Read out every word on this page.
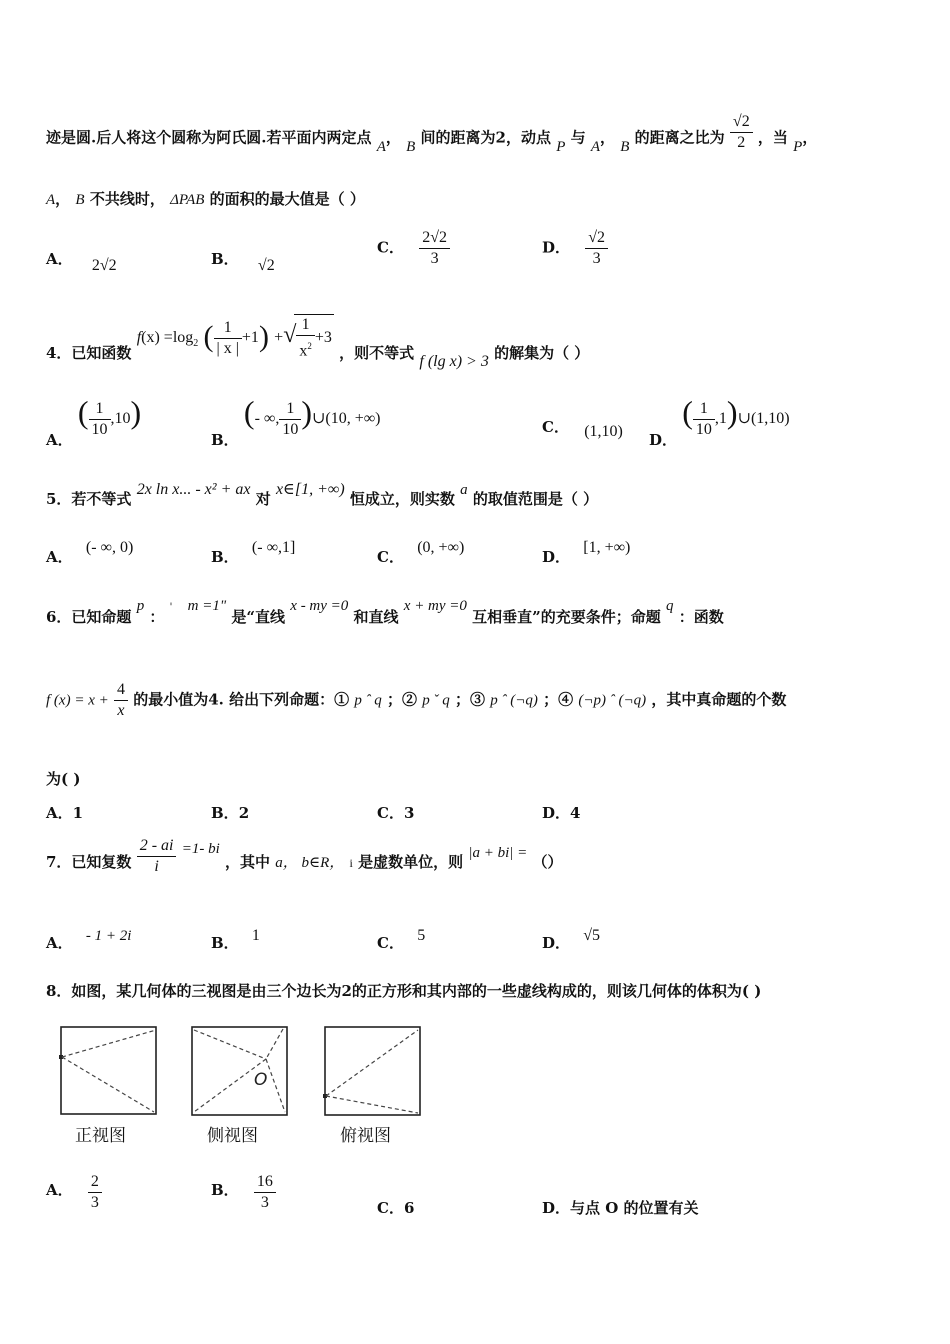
迹是圆.后人将这个圆称为阿氏圆.若平面内两定点 A， B 间的距离为2，动点 P 与 A， B 的距离之比为 $\frac{√2}{2}$ ，当 P，
A， B 不共线时， ΔPAB 的面积的最大值是（ ）
A． 2√2	B． √2
C． $\frac{2√2}{3}$	D． $\frac{√2}{3}$
4．已知函数 $f(x) =\log_2$ ( $\frac{1}{| x |} +1$) +√ $\frac{1}{x^2} +3$ ，则不等式 f (lg x) > 3 的解集为（ ）
A． ( $\frac{1}{10} ,10$)
B． (- ∞, $\frac{1}{10}$ )∪(10, +∞)	C． (1,10) D． ( $\frac{1}{10}$ ,1)∪(1,10)
5．若不等式 2x ln x... - x² + ax 对 x∈[1, +∞) 恒成立，则实数 a 的取值范围是（ ）
A． (- ∞, 0)
B． (- ∞,1]
C． (0, +∞)
D． [1, +∞)
6．已知命题 p ： ' m =1" 是“直线 x - my =0 和直线 x + my =0 互相垂直”的充要条件；命题 q ：函数
f $(x) = x + \frac{4}{x}$ 的最小值为4. 给出下列命题：① p ˆ q ；② p ˇ q ；③ p ˆ (¬q) ；④ (¬p) ˆ (¬q) ，其中真命题的个数
为( )
A．1	B．2	C．3	D．4
7．已知复数 $\frac{2 - ai}{i} =1-$ bi ，其中 a， b∈R， $_i$ 是虚数单位，则 |a + bi| = （）
A． - 1 + 2i	B． 1	C． 5	D． √5
8．如图，某几何体的三视图是由三个边长为2的正方形和其内部的一些虚线构成的，则该几何体的体积为( )
正视图
O
侧视图	俯视图
A． $\frac{2}{3}$	B． $\frac{16}{3}$	C．6	D．与点 O 的位置有关
